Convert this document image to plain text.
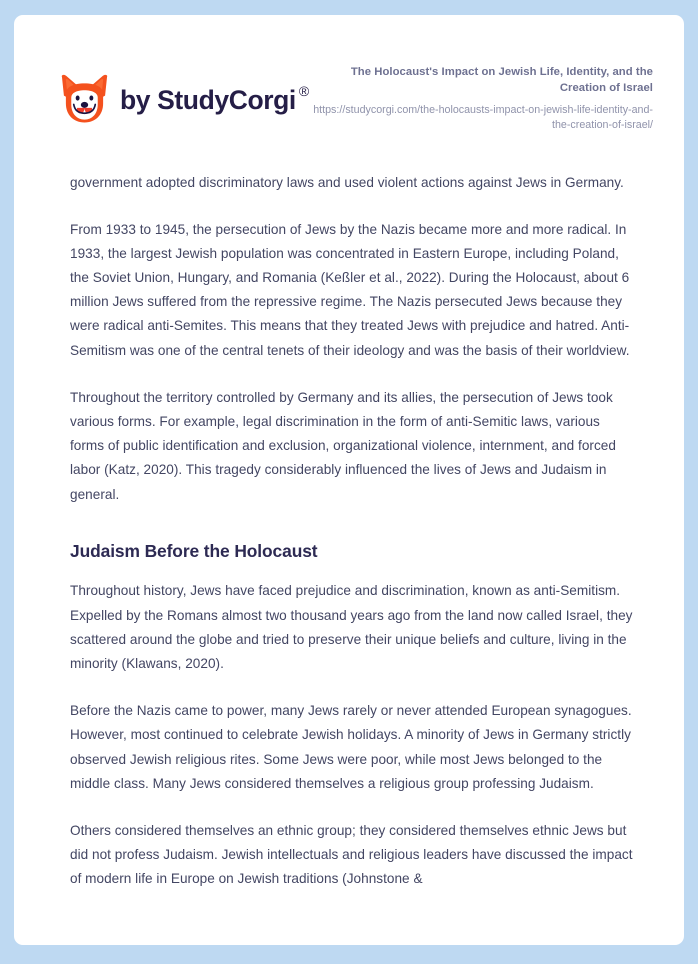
by StudyCorgi ®
The Holocaust's Impact on Jewish Life, Identity, and the Creation of Israel
https://studycorgi.com/the-holocausts-impact-on-jewish-life-identity-and-the-creation-of-israel/

government adopted discriminatory laws and used violent actions against Jews in Germany.

From 1933 to 1945, the persecution of Jews by the Nazis became more and more radical. In 1933, the largest Jewish population was concentrated in Eastern Europe, including Poland, the Soviet Union, Hungary, and Romania (Keßler et al., 2022). During the Holocaust, about 6 million Jews suffered from the repressive regime. The Nazis persecuted Jews because they were radical anti-Semites. This means that they treated Jews with prejudice and hatred. Anti-Semitism was one of the central tenets of their ideology and was the basis of their worldview.

Throughout the territory controlled by Germany and its allies, the persecution of Jews took various forms. For example, legal discrimination in the form of anti-Semitic laws, various forms of public identification and exclusion, organizational violence, internment, and forced labor (Katz, 2020). This tragedy considerably influenced the lives of Jews and Judaism in general.

Judaism Before the Holocaust

Throughout history, Jews have faced prejudice and discrimination, known as anti-Semitism. Expelled by the Romans almost two thousand years ago from the land now called Israel, they scattered around the globe and tried to preserve their unique beliefs and culture, living in the minority (Klawans, 2020).

Before the Nazis came to power, many Jews rarely or never attended European synagogues. However, most continued to celebrate Jewish holidays. A minority of Jews in Germany strictly observed Jewish religious rites. Some Jews were poor, while most Jews belonged to the middle class. Many Jews considered themselves a religious group professing Judaism.

Others considered themselves an ethnic group; they considered themselves ethnic Jews but did not profess Judaism. Jewish intellectuals and religious leaders have discussed the impact of modern life in Europe on Jewish traditions (Johnstone &
